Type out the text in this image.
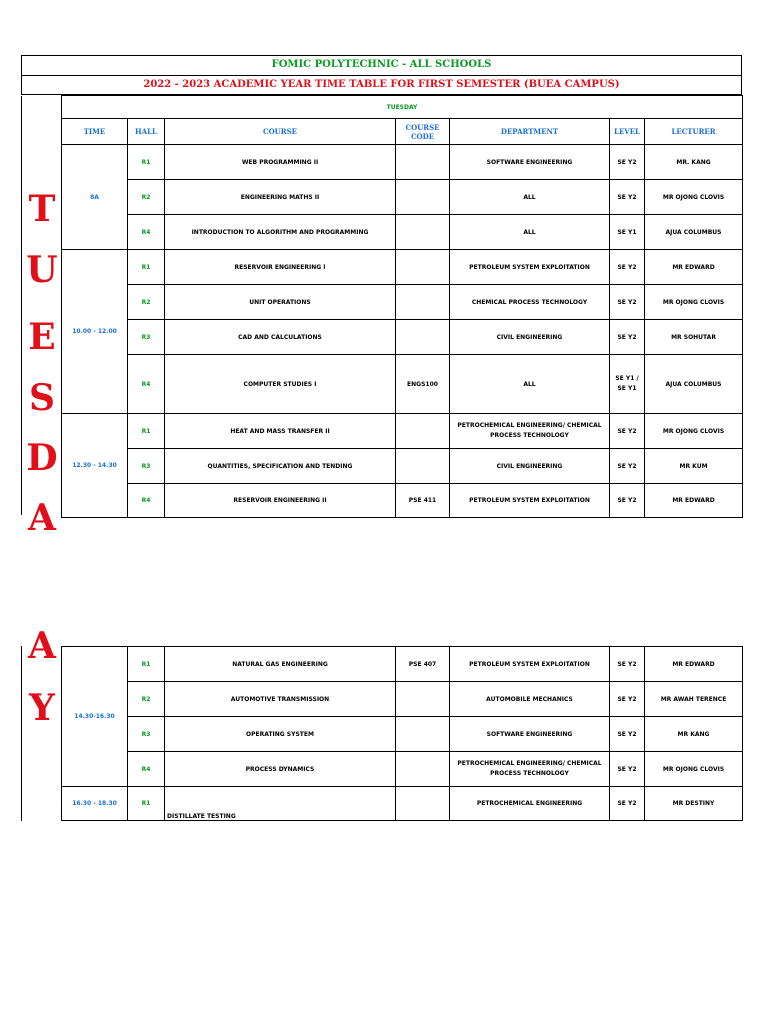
FOMIC POLYTECHNIC - ALL SCHOOLS
2022 - 2023 ACADEMIC YEAR TIME TABLE FOR FIRST SEMESTER (BUEA CAMPUS)
T
U
E
S
D
A
TUESDAY						
TIME	HALL	COURSE	COURSE CODE	DEPARTMENT	LEVEL	LECTURER
8A	R1	WEB PROGRAMMING II		SOFTWARE ENGINEERING	SE Y2	MR. KANG
	R2	ENGINEERING MATHS II		ALL	SE Y2	MR OJONG CLOVIS
	R4	INTRODUCTION TO ALGORITHM AND PROGRAMMING		ALL	SE Y1	AJUA COLUMBUS
10.00 - 12.00	R1	RESERVOIR ENGINEERING I		PETROLEUM SYSTEM EXPLOITATION	SE Y2	MR EDWARD
	R2	UNIT OPERATIONS		CHEMICAL PROCESS TECHNOLOGY	SE Y2	MR OJONG CLOVIS
	R3	CAD AND CALCULATIONS		CIVIL ENGINEERING	SE Y2	MR SOHUTAR
	R4	COMPUTER STUDIES I	ENGS100	ALL	SE Y1 / SE Y1	AJUA COLUMBUS
12.30 - 14.30	R1	HEAT AND MASS TRANSFER II		PETROCHEMICAL ENGINEERING/ CHEMICAL PROCESS TECHNOLOGY	SE Y2	MR OJONG CLOVIS
	R3	QUANTITIES, SPECIFICATION AND TENDING		CIVIL ENGINEERING	SE Y2	MR KUM
	R4	RESERVOIR ENGINEERING II	PSE 411	PETROLEUM SYSTEM EXPLOITATION	SE Y2	MR EDWARD
A
Y	14.30-16.30	R1	NATURAL GAS ENGINEERING	PSE 407	PETROLEUM SYSTEM EXPLOITATION	SE Y2	MR EDWARD
	R2	AUTOMOTIVE TRANSMISSION		AUTOMOBILE MECHANICS	SE Y2	MR AWAH TERENCE
	R3	OPERATING SYSTEM		SOFTWARE ENGINEERING	SE Y2	MR KANG
	R4	PROCESS DYNAMICS		PETROCHEMICAL ENGINEERING/ CHEMICAL PROCESS TECHNOLOGY	SE Y2	MR OJONG CLOVIS
16.30 - 18.30	R1	DISTILLATE TESTING		PETROCHEMICAL ENGINEERING	SE Y2	MR DESTINY
